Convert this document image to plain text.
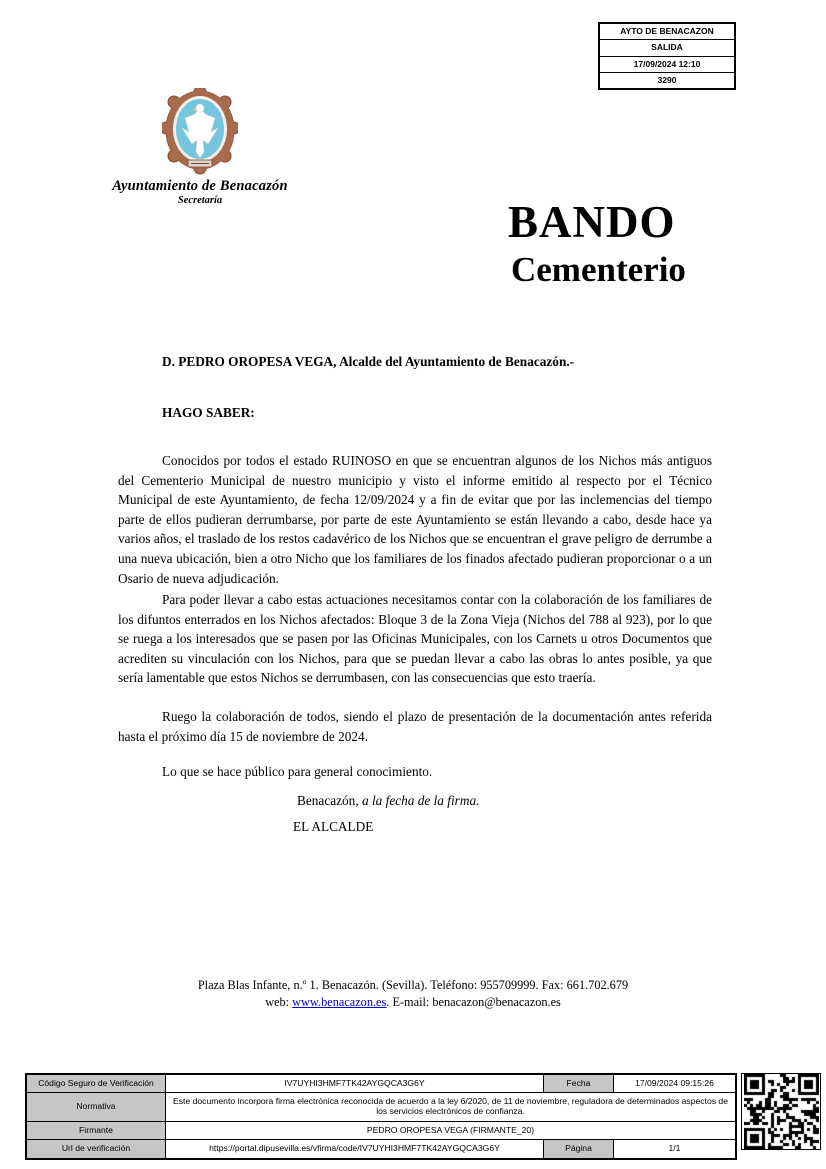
AYTO DE BENACAZON
SALIDA
17/09/2024 12:10
3290
Ayuntamiento de Benacazón
Secretaría	BANDO
Cementerio
D. PEDRO OROPESA VEGA, Alcalde del Ayuntamiento de Benacazón.-
HAGO SABER:
Conocidos por todos el estado RUINOSO en que se encuentran algunos de los Nichos más antiguos del Cementerio Municipal de nuestro municipio y visto el informe emitido al respecto por el Técnico Municipal de este Ayuntamiento, de fecha 12/09/2024 y a fin de evitar que por las inclemencias del tiempo parte de ellos pudieran derrumbarse, por parte de este Ayuntamiento se están llevando a cabo, desde hace ya varios años, el traslado de los restos cadavérico de los Nichos que se encuentran el grave peligro de derrumbe a una nueva ubicación, bien a otro Nicho que los familiares de los finados afectado pudieran proporcionar o a un Osario de nueva adjudicación.
Para poder llevar a cabo estas actuaciones necesitamos contar con la colaboración de los familiares de los difuntos enterrados en los Nichos afectados: Bloque 3 de la Zona Vieja (Nichos del 788 al 923), por lo que se ruega a los interesados que se pasen por las Oficinas Municipales, con los Carnets u otros Documentos que acrediten su vinculación con los Nichos, para que se puedan llevar a cabo las obras lo antes posible, ya que sería lamentable que estos Nichos se derrumbasen, con las consecuencias que esto traería.
Ruego la colaboración de todos, siendo el plazo de presentación de la documentación antes referida hasta el próximo día 15 de noviembre de 2024.
Lo que se hace público para general conocimiento.
Benacazón, a la fecha de la firma.
EL ALCALDE
Plaza Blas Infante, n.º 1. Benacazón. (Sevilla). Teléfono: 955709999. Fax: 661.702.679
web: www.benacazon.es. E-mail: benacazon@benacazon.es
Código Seguro de Verificación	IV7UYHI3HMF7TK42AYGQCA3G6Y	Fecha	17/09/2024 09:15:26
Normativa	Este documento incorpora firma electrónica reconocida de acuerdo a la ley 6/2020, de 11 de noviembre, reguladora de determinados aspectos de los servicios electrónicos de confianza.
Firmante	PEDRO OROPESA VEGA (FIRMANTE_20)
Url de verificación	https://portal.dipusevilla.es/vfirma/code/IV7UYHI3HMF7TK42AYGQCA3G6Y	Página	1/1
